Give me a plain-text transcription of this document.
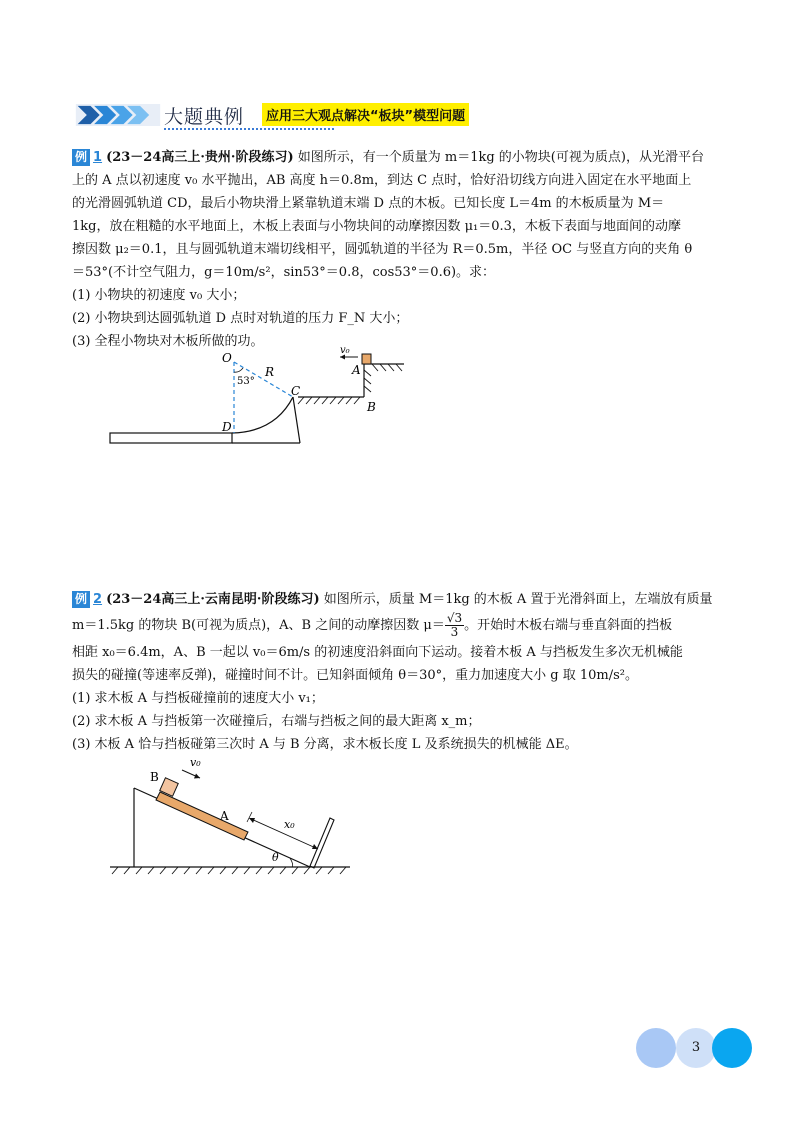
大题典例	应用三大观点解决“板块”模型问题
例 1 (23－24高三上·贵州·阶段练习) 如图所示，有一个质量为 m＝1kg 的小物块(可视为质点)，从光滑平台
上的 A 点以初速度 v₀ 水平抛出，AB 高度 h＝0.8m，到达 C 点时，恰好沿切线方向进入固定在水平地面上
的光滑圆弧轨道 CD，最后小物块滑上紧靠轨道末端 D 点的木板。已知长度 L＝4m 的木板质量为 M＝
1kg，放在粗糙的水平地面上，木板上表面与小物块间的动摩擦因数 μ₁＝0.3，木板下表面与地面间的动摩
擦因数 μ₂＝0.1，且与圆弧轨道末端切线相平，圆弧轨道的半径为 R＝0.5m，半径 OC 与竖直方向的夹角 θ
＝53°(不计空气阻力，g＝10m/s²，sin53°＝0.8，cos53°＝0.6)。求：
(1) 小物块的初速度 v₀ 大小；
(2) 小物块到达圆弧轨道 D 点时对轨道的压力 F_N 大小；
(3) 全程小物块对木板所做的功。
O
53°
R
C
D
A
B
v₀
例 2 (23－24高三上·云南昆明·阶段练习) 如图所示，质量 M＝1kg 的木板 A 置于光滑斜面上，左端放有质量
m＝1.5kg 的物块 B(可视为质点)，A、B 之间的动摩擦因数 $\mu= \frac{√3}{3}$ 。开始时木板右端与垂直斜面的挡板
相距 x₀＝6.4m，A、B 一起以 v₀＝6m/s 的初速度沿斜面向下运动。接着木板 A 与挡板发生多次无机械能
损失的碰撞(等速率反弹)，碰撞时间不计。已知斜面倾角 θ＝30°，重力加速度大小 g 取 10m/s²。
(1) 求木板 A 与挡板碰撞前的速度大小 v₁；
(2) 求木板 A 与挡板第一次碰撞后，右端与挡板之间的最大距离 x_m；
(3) 木板 A 恰与挡板碰第三次时 A 与 B 分离，求木板长度 L 及系统损失的机械能 ΔE。
B
A
v₀
x₀
θ
3
